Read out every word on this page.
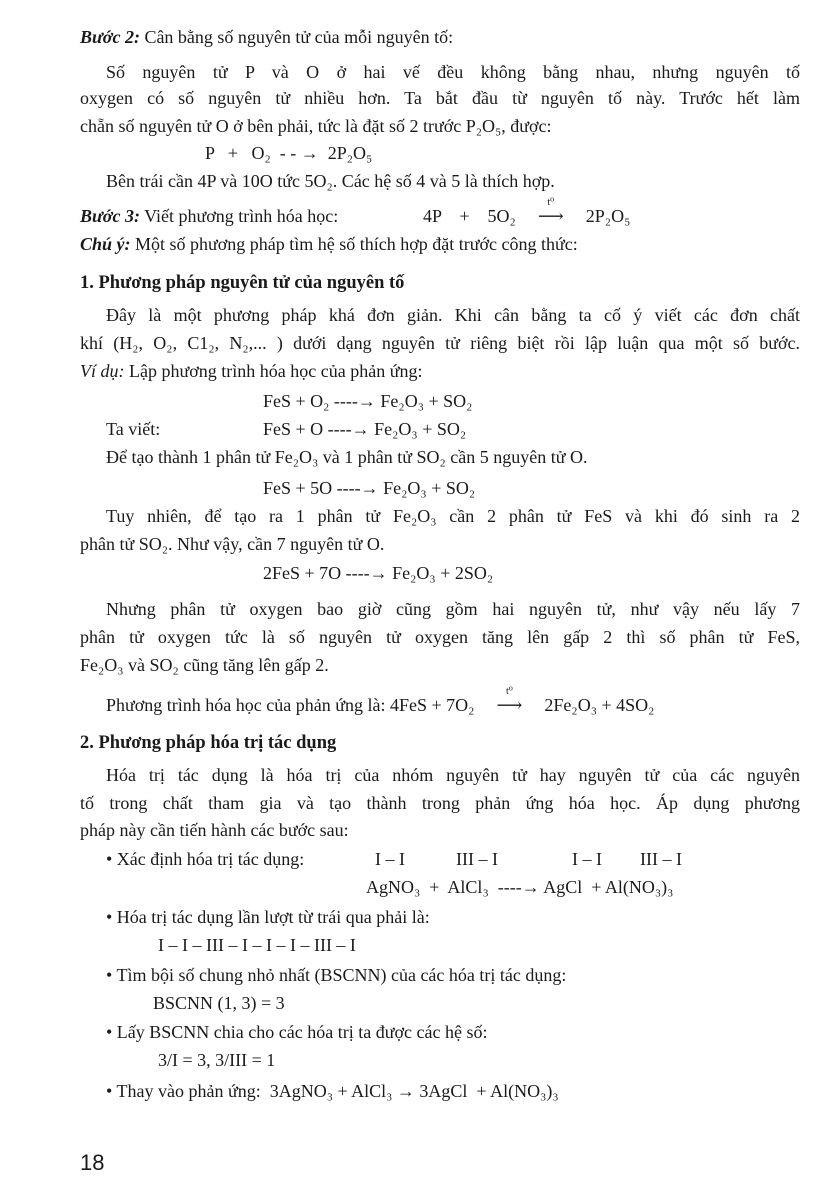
Bước 2: Cân bằng số nguyên tử của mỗi nguyên tố:
Số nguyên tử P và O ở hai vế đều không bằng nhau, nhưng nguyên tố
oxygen có số nguyên tử nhiều hơn. Ta bắt đầu từ nguyên tố này. Trước hết làm
chẵn số nguyên tử O ở bên phải, tức là đặt số 2 trước P₂O₅, được:
P   +   O₂  - - →  2P₂O₅
Bên trái cần 4P và 10O tức 5O₂. Các hệ số 4 và 5 là thích hợp.
Bước 3: Viết phương trình hóa học:	4P    +    5O₂
t⁰
⟶ 2P₂O₅
Chú ý: Một số phương pháp tìm hệ số thích hợp đặt trước công thức:
1. Phương pháp nguyên tử của nguyên tố
Đây là một phương pháp khá đơn giản. Khi cân bằng ta cố ý viết các đơn chất
khí (H₂, O₂, C1₂, N₂,... ) dưới dạng nguyên tử riêng biệt rồi lập luận qua một số bước.
Ví dụ: Lập phương trình hóa học của phản ứng:
FeS + O₂ ----→ Fe₂O₃ + SO₂
Ta viết:	FeS + O ----→ Fe₂O₃ + SO₂
Để tạo thành 1 phân tử Fe₂O₃ và 1 phân tử SO₂ cần 5 nguyên tử O.
FeS + 5O ----→ Fe₂O₃ + SO₂
Tuy nhiên, để tạo ra 1 phân tử Fe₂O₃ cần 2 phân tử FeS và khi đó sinh ra 2
phân tử SO₂. Như vậy, cần 7 nguyên tử O.
2FeS + 7O ----→ Fe₂O₃ + 2SO₂
Nhưng phân tử oxygen bao giờ cũng gồm hai nguyên tử, như vậy nếu lấy 7
phân tử oxygen tức là số nguyên tử oxygen tăng lên gấp 2 thì số phân tử FeS,
Fe₂O₃ và SO₂ cũng tăng lên gấp 2.
Phương trình hóa học của phản ứng là: 4FeS + 7O₂
t⁰
⟶ 2Fe₂O₃ + 4SO₂
2. Phương pháp hóa trị tác dụng
Hóa trị tác dụng là hóa trị của nhóm nguyên tử hay nguyên tử của các nguyên
tố trong chất tham gia và tạo thành trong phản ứng hóa học. Áp dụng phương
pháp này cần tiến hành các bước sau:
• Xác định hóa trị tác dụng:	I – I	III – I	I – I III – I
AgNO₃  +  AlCl₃  ----→ AgCl  + Al(NO₃)₃
• Hóa trị tác dụng lần lượt từ trái qua phải là:
I – I – III – I – I – I – III – I
• Tìm bội số chung nhỏ nhất (BSCNN) của các hóa trị tác dụng:
BSCNN (1, 3) = 3
• Lấy BSCNN chia cho các hóa trị ta được các hệ số:
3/I = 3, 3/III = 1
• Thay vào phản ứng:  3AgNO₃ + AlCl₃ → 3AgCl  + Al(NO₃)₃
18
